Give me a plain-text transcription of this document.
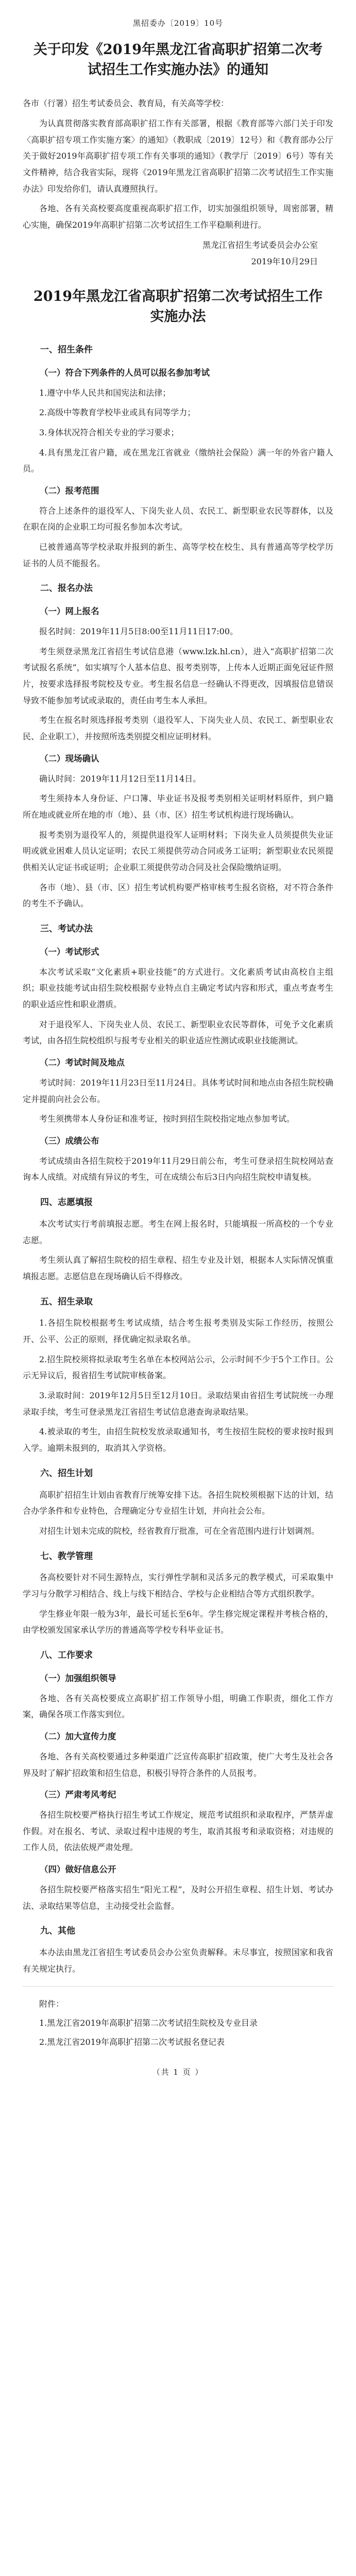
黑招委办〔2019〕10号
关于印发《2019年黑龙江省高职扩招第二次考试招生工作实施办法》的通知
各市（行署）招生考试委员会、教育局，有关高等学校：
为认真贯彻落实教育部高职扩招工作有关部署，根据《教育部等六部门关于印发〈高职扩招专项工作实施方案〉的通知》（教职成〔2019〕12号）和《教育部办公厅关于做好2019年高职扩招专项工作有关事项的通知》（教学厅〔2019〕6号）等有关文件精神，结合我省实际，现将《2019年黑龙江省高职扩招第二次考试招生工作实施办法》印发给你们，请认真遵照执行。
各地、各有关高校要高度重视高职扩招工作，切实加强组织领导，周密部署，精心实施，确保2019年高职扩招第二次考试招生工作平稳顺利进行。
黑龙江省招生考试委员会办公室
2019年10月29日
2019年黑龙江省高职扩招第二次考试招生工作实施办法
一、招生条件
（一）符合下列条件的人员可以报名参加考试
1.遵守中华人民共和国宪法和法律；
2.高级中等教育学校毕业或具有同等学力；
3.身体状况符合相关专业的学习要求；
4.具有黑龙江省户籍，或在黑龙江省就业（缴纳社会保险）满一年的外省户籍人员。
（二）报考范围
符合上述条件的退役军人、下岗失业人员、农民工、新型职业农民等群体，以及在职在岗的企业职工均可报名参加本次考试。
已被普通高等学校录取并报到的新生、高等学校在校生、具有普通高等学校学历证书的人员不能报名。
二、报名办法
（一）网上报名
报名时间：2019年11月5日8:00至11月11日17:00。
考生须登录黑龙江省招生考试信息港（www.lzk.hl.cn），进入“高职扩招第二次考试报名系统”，如实填写个人基本信息、报考类别等，上传本人近期正面免冠证件照片，按要求选择报考院校及专业。考生报名信息一经确认不得更改，因填报信息错误导致不能参加考试或录取的，责任由考生本人承担。
考生在报名时须选择报考类别（退役军人、下岗失业人员、农民工、新型职业农民、企业职工），并按照所选类别提交相应证明材料。
（二）现场确认
确认时间：2019年11月12日至11月14日。
考生须持本人身份证、户口簿、毕业证书及报考类别相关证明材料原件，到户籍所在地或就业所在地的市（地）、县（市、区）招生考试机构进行现场确认。
报考类别为退役军人的，须提供退役军人证明材料；下岗失业人员须提供失业证明或就业困难人员认定证明；农民工须提供劳动合同或务工证明；新型职业农民须提供相关认定证书或证明；企业职工须提供劳动合同及社会保险缴纳证明。
各市（地）、县（市、区）招生考试机构要严格审核考生报名资格，对不符合条件的考生不予确认。
三、考试办法
（一）考试形式
本次考试采取“文化素质+职业技能”的方式进行。文化素质考试由高校自主组织；职业技能考试由招生院校根据专业特点自主确定考试内容和形式，重点考查考生的职业适应性和职业潜质。
对于退役军人、下岗失业人员、农民工、新型职业农民等群体，可免予文化素质考试，由各招生院校组织与报考专业相关的职业适应性测试或职业技能测试。
（二）考试时间及地点
考试时间：2019年11月23日至11月24日。具体考试时间和地点由各招生院校确定并提前向社会公布。
考生须携带本人身份证和准考证，按时到招生院校指定地点参加考试。
（三）成绩公布
考试成绩由各招生院校于2019年11月29日前公布，考生可登录招生院校网站查询本人成绩。对成绩有异议的考生，可在成绩公布后3日内向招生院校申请复核。
四、志愿填报
本次考试实行考前填报志愿。考生在网上报名时，只能填报一所高校的一个专业志愿。
考生须认真了解招生院校的招生章程、招生专业及计划，根据本人实际情况慎重填报志愿。志愿信息在现场确认后不得修改。
五、招生录取
1.各招生院校根据考生考试成绩，结合考生报考类别及实际工作经历，按照公开、公平、公正的原则，择优确定拟录取名单。
2.招生院校须将拟录取考生名单在本校网站公示，公示时间不少于5个工作日。公示无异议后，报省招生考试院审核备案。
3.录取时间：2019年12月5日至12月10日。录取结果由省招生考试院统一办理录取手续，考生可登录黑龙江省招生考试信息港查询录取结果。
4.被录取的考生，由招生院校发放录取通知书，考生按招生院校的要求按时报到入学。逾期未报到的，取消其入学资格。
六、招生计划
高职扩招招生计划由省教育厅统筹安排下达。各招生院校须根据下达的计划，结合办学条件和专业特色，合理确定分专业招生计划，并向社会公布。
对招生计划未完成的院校，经省教育厅批准，可在全省范围内进行计划调剂。
七、教学管理
各高校要针对不同生源特点，实行弹性学制和灵活多元的教学模式，可采取集中学习与分散学习相结合、线上与线下相结合、学校与企业相结合等方式组织教学。
学生修业年限一般为3年，最长可延长至6年。学生修完规定课程并考核合格的，由学校颁发国家承认学历的普通高等学校专科毕业证书。
八、工作要求
（一）加强组织领导
各地、各有关高校要成立高职扩招工作领导小组，明确工作职责，细化工作方案，确保各项工作落实到位。
（二）加大宣传力度
各地、各有关高校要通过多种渠道广泛宣传高职扩招政策，使广大考生及社会各界及时了解扩招政策和招生信息，积极引导符合条件的人员报考。
（三）严肃考风考纪
各招生院校要严格执行招生考试工作规定，规范考试组织和录取程序，严禁弄虚作假。对在报名、考试、录取过程中违规的考生，取消其报考和录取资格；对违规的工作人员，依法依规严肃处理。
（四）做好信息公开
各招生院校要严格落实招生“阳光工程”，及时公开招生章程、招生计划、考试办法、录取结果等信息，主动接受社会监督。
九、其他
本办法由黑龙江省招生考试委员会办公室负责解释。未尽事宜，按照国家和我省有关规定执行。
附件：
1.黑龙江省2019年高职扩招第二次考试招生院校及专业目录
2.黑龙江省2019年高职扩招第二次考试报名登记表
（共 1 页 ）
